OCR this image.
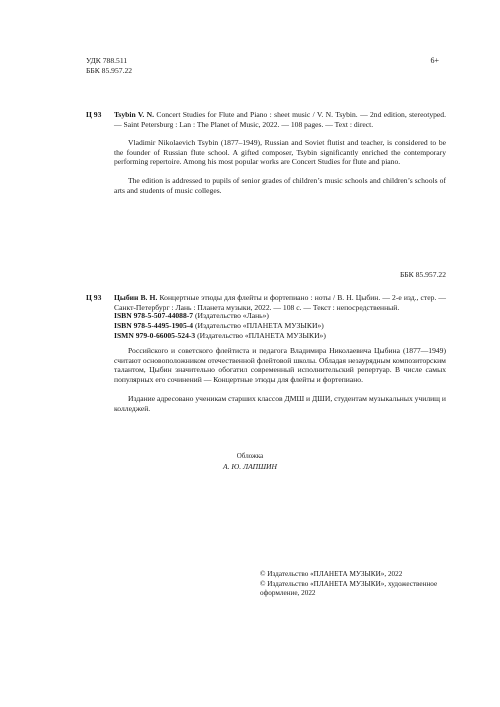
УДК 788.511

ББК 85.957.22

6+

Ц 93 Tsybin V. N. Concert Studies for Flute and Piano : sheet music / V. N. Tsybin. — 2nd edition, stereotyped. — Saint Petersburg : Lan : The Planet of Music, 2022. — 108 pages. — Text : direct.

Vladimir Nikolaevich Tsybin (1877–1949), Russian and Soviet flutist and teacher, is considered to be the founder of Russian flute school. A gifted composer, Tsybin significantly enriched the contemporary performing repertoire. Among his most popular works are Concert Studies for flute and piano.

The edition is addressed to pupils of senior grades of children’s music schools and children’s schools of arts and students of music colleges.

ББК 85.957.22

Ц 93 Цыбин В. Н. Концертные этюды для флейты и фортепиано : ноты / В. Н. Цыбин. — 2-е изд., стер. — Санкт-Петербург : Лань : Планета музыки, 2022. — 108 с. — Текст : непосредственный.

ISBN 978-5-507-44088-7 (Издательство «Лань»)

ISBN 978-5-4495-1905-4 (Издательство «ПЛАНЕТА МУЗЫКИ»)

ISMN 979-0-66005-524-3 (Издательство «ПЛАНЕТА МУЗЫКИ»)

Российского и советского флейтиста и педагога Владимира Николаевича Цыбина (1877—1949) считают основоположником отечественной флейтовой школы. Обладая незаурядным композиторским талантом, Цыбин значительно обогатил современный исполнительский репертуар. В числе самых популярных его сочинений — Концертные этюды для флейты и фортепиано.

Издание адресовано ученикам старших классов ДМШ и ДШИ, студентам музыкальных училищ и колледжей.

Обложка

А. Ю. ЛАПШИН

© Издательство «ПЛАНЕТА МУЗЫКИ», 2022

© Издательство «ПЛАНЕТА МУЗЫКИ», художественное оформление, 2022
